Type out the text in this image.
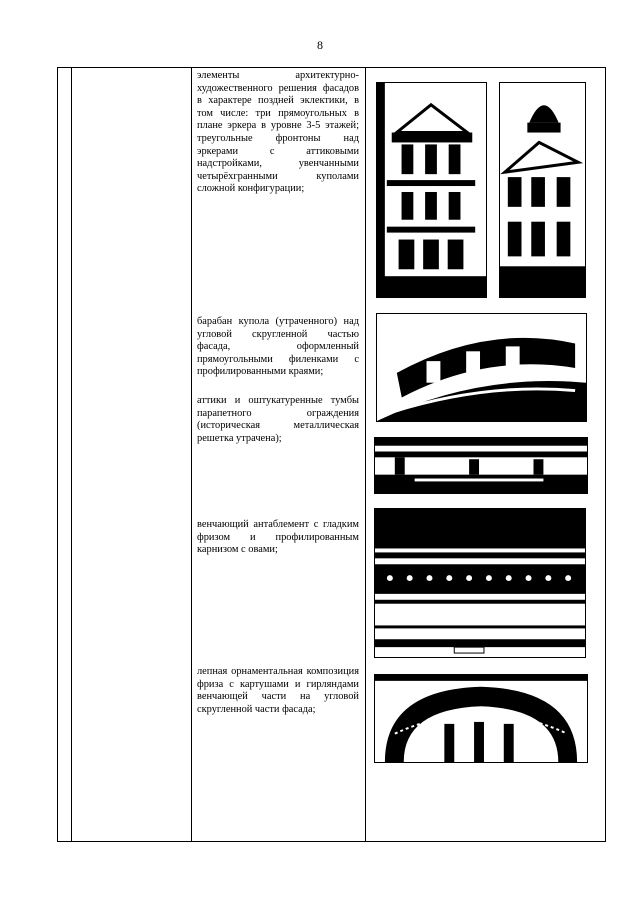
8
элементы архитектурно-художественного решения фасадов в характере поздней эклектики, в том числе: три прямоугольных в плане эркера в уровне 3-5 этажей; треугольные фронтоны над эркерами с аттиковыми надстройками, увенчанными четырёхгранными куполами сложной конфигурации;
барабан купола (утраченного) над угловой скругленной частью фасада, оформленный прямоугольными филенками с профилированными краями;
аттики и оштукатуренные тумбы парапетного ограждения (историческая металлическая решетка утрачена);
венчающий антаблемент с гладким фризом и профилированным карнизом с овами;
лепная орнаментальная композиция фриза с картушами и гирляндами венчающей части на угловой скругленной части фасада;
